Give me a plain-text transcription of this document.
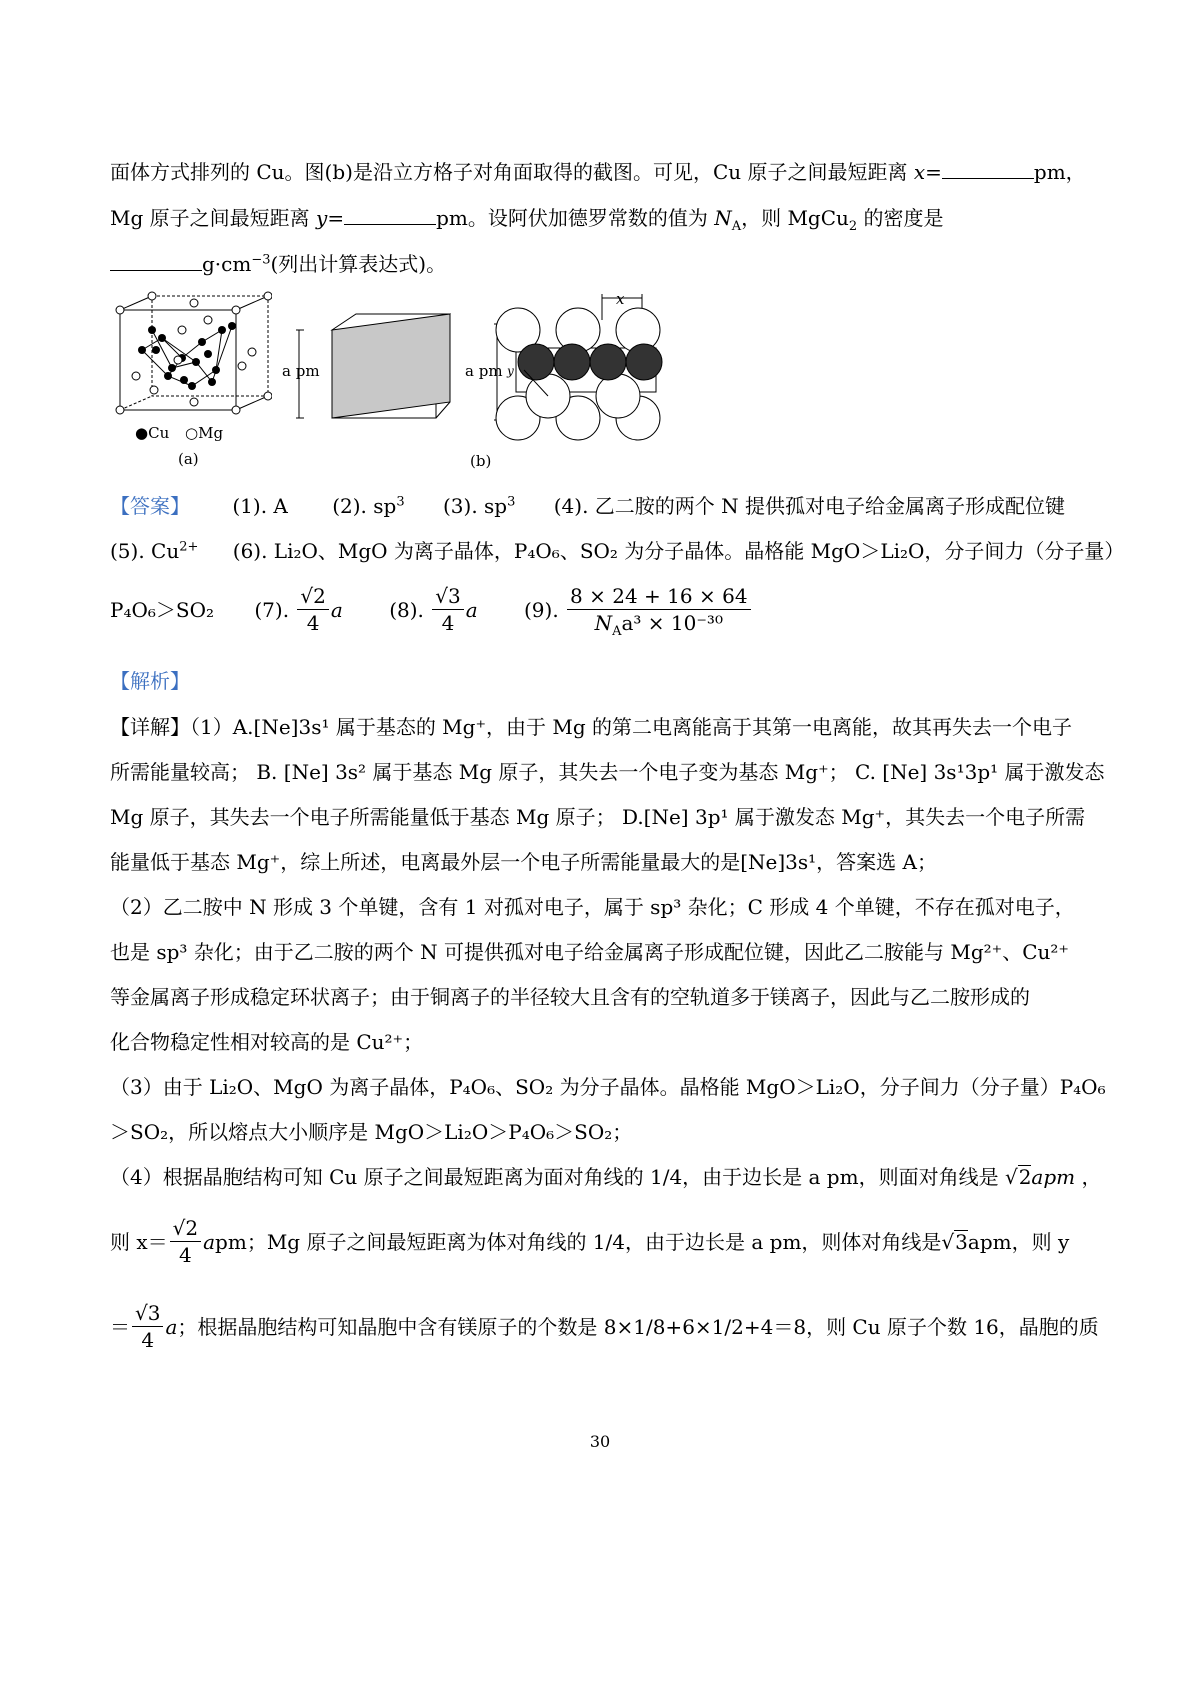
面体方式排列的 Cu。图(b)是沿立方格子对角面取得的截图。可见，Cu 原子之间最短距离 x=	pm，
Mg 原子之间最短距离 y=	pm。设阿伏加德罗常数的值为 $N_A$，则 MgCu$_2$ 的密度是
$g\cdot cm^{-3}$(列出计算表达式)。
●Cu ○Mg
(a)
a pm	a pm
x
y
(b)
【答案】 (1). A (2). $sp^3$ (3). $sp^3$ (4). 乙二胺的两个 N 提供孤对电子给金属离子形成配位键
(5). $Cu^{2+}$ (6). Li₂O、MgO 为离子晶体，P₄O₆、SO₂ 为分子晶体。晶格能 MgO＞Li₂O，分子间力（分子量）
P₄O₆＞SO₂ (7). $\frac{√2}{4}$ a (8). $\frac{√3}{4}$ a (9). $\frac{8 \times 24 + 16 \times 64}{N_Aa^3 \times 10^{-30}}$
【解析】
【详解】（1）A.[Ne]3s¹ 属于基态的 Mg⁺，由于 Mg 的第二电离能高于其第一电离能，故其再失去一个电子
所需能量较高； B. [Ne] 3s² 属于基态 Mg 原子，其失去一个电子变为基态 Mg⁺； C. [Ne] 3s¹3p¹ 属于激发态
Mg 原子，其失去一个电子所需能量低于基态 Mg 原子； D.[Ne] 3p¹ 属于激发态 Mg⁺，其失去一个电子所需
能量低于基态 Mg⁺，综上所述，电离最外层一个电子所需能量最大的是[Ne]3s¹，答案选 A；
（2）乙二胺中 N 形成 3 个单键，含有 1 对孤对电子，属于 sp³ 杂化；C 形成 4 个单键，不存在孤对电子，
也是 sp³ 杂化；由于乙二胺的两个 N 可提供孤对电子给金属离子形成配位键，因此乙二胺能与 Mg²⁺、Cu²⁺
等金属离子形成稳定环状离子；由于铜离子的半径较大且含有的空轨道多于镁离子，因此与乙二胺形成的
化合物稳定性相对较高的是 Cu²⁺；
（3）由于 Li₂O、MgO 为离子晶体，P₄O₆、SO₂ 为分子晶体。晶格能 MgO＞Li₂O，分子间力（分子量）P₄O₆
＞SO₂，所以熔点大小顺序是 MgO＞Li₂O＞P₄O₆＞SO₂；
（4）根据晶胞结构可知 Cu 原子之间最短距离为面对角线的 1/4，由于边长是 a pm，则面对角线是 √2apm ，
则 $x= \frac{√2}{4}$ apm；Mg 原子之间最短距离为体对角线的 1/4，由于边长是 a pm，则体对角线是√3apm，则 y
＝ $\frac{√3}{4}$ a；根据晶胞结构可知晶胞中含有镁原子的个数是 8×1/8+6×1/2+4＝8，则 Cu 原子个数 16，晶胞的质
30
